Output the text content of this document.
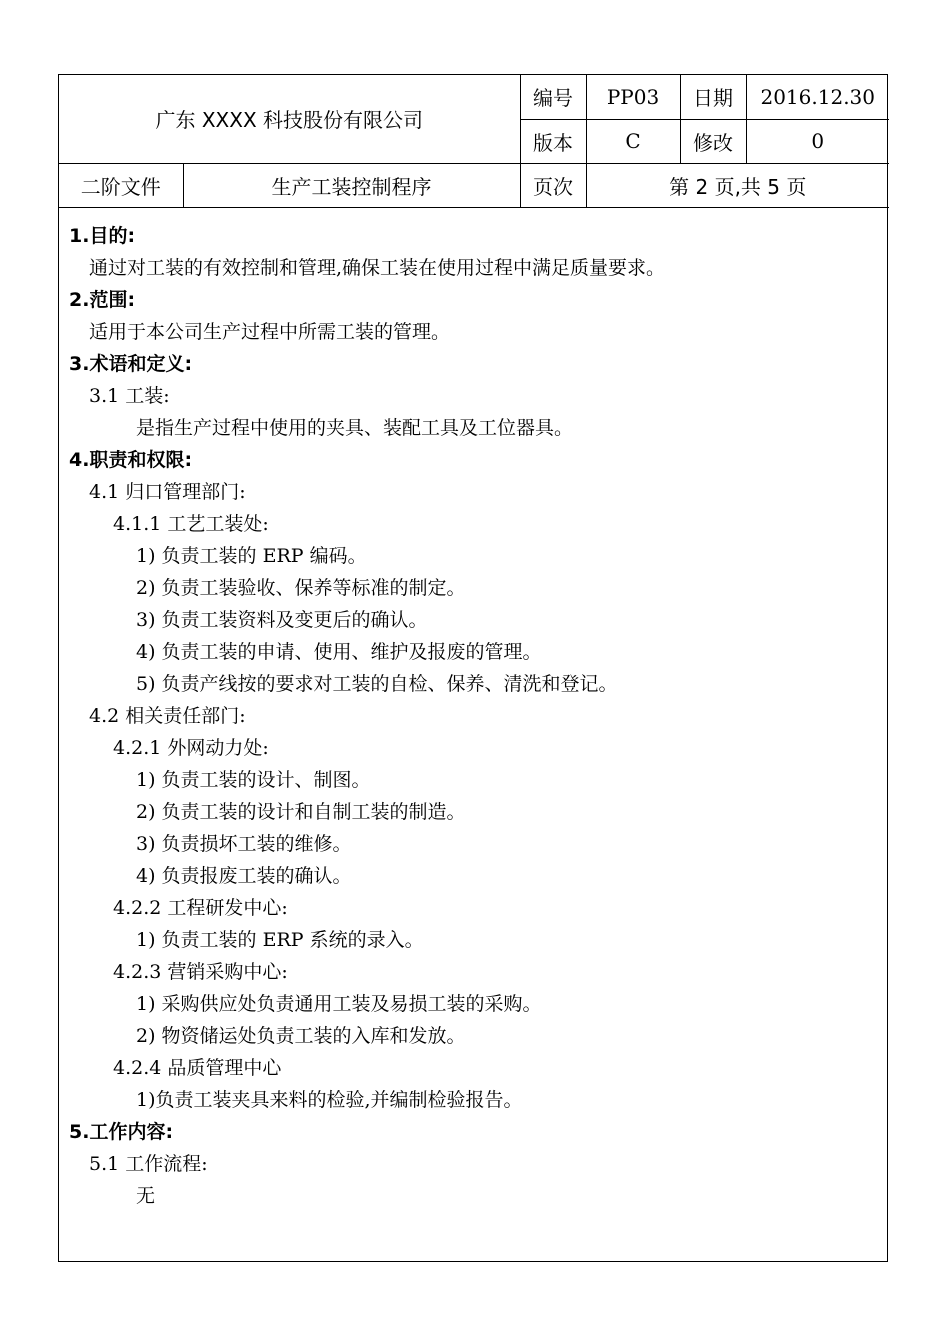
广东 XXXX 科技股份有限公司		编号	PP03	日期	2016.12.30
		版本	C	修改	0
二阶文件	生产工装控制程序	页次	第 2 页,共 5 页		
1.目的:
通过对工装的有效控制和管理,确保工装在使用过程中满足质量要求。
2.范围:
适用于本公司生产过程中所需工装的管理。
3.术语和定义:
3.1 工装:
是指生产过程中使用的夹具、装配工具及工位器具。
4.职责和权限:
4.1 归口管理部门:
4.1.1 工艺工装处:
1) 负责工装的 ERP 编码。
2) 负责工装验收、保养等标准的制定。
3) 负责工装资料及变更后的确认。
4) 负责工装的申请、使用、维护及报废的管理。
5) 负责产线按的要求对工装的自检、保养、清洗和登记。
4.2 相关责任部门:
4.2.1 外网动力处:
1) 负责工装的设计、制图。
2) 负责工装的设计和自制工装的制造。
3) 负责损坏工装的维修。
4) 负责报废工装的确认。
4.2.2 工程研发中心:
1) 负责工装的 ERP 系统的录入。
4.2.3 营销采购中心:
1) 采购供应处负责通用工装及易损工装的采购。
2) 物资储运处负责工装的入库和发放。
4.2.4 品质管理中心
1)负责工装夹具来料的检验,并编制检验报告。
5.工作内容:
5.1 工作流程:
无
